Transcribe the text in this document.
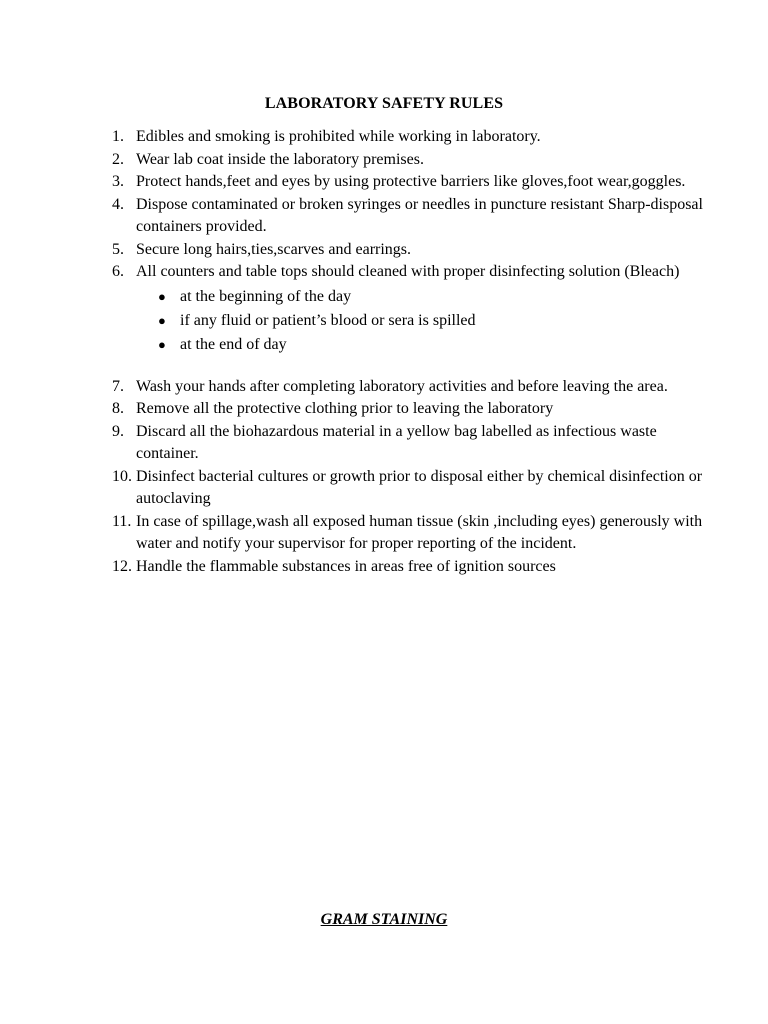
LABORATORY SAFETY RULES
1. Edibles and smoking is prohibited while working in laboratory.
2. Wear lab coat inside the laboratory premises.
3. Protect hands,feet and eyes by using protective barriers like gloves,foot wear,goggles.
4. Dispose contaminated or broken syringes or needles in puncture resistant Sharp-disposal containers provided.
5. Secure long hairs,ties,scarves and earrings.
6. All counters and table tops should cleaned with proper disinfecting solution (Bleach)
● at the beginning of the day
● if any fluid or patient’s blood or sera is spilled
● at the end of day
7. Wash your hands after completing laboratory activities and before leaving the area.
8. Remove all the protective clothing prior to leaving the laboratory
9. Discard all the biohazardous material in a yellow bag labelled as infectious waste container.
10. Disinfect bacterial cultures or growth prior to disposal either by chemical disinfection or autoclaving
11. In case of spillage,wash all exposed human tissue (skin ,including eyes) generously with water and notify your supervisor for proper reporting of the incident.
12. Handle the flammable substances in areas free of ignition sources
GRAM STAINING
